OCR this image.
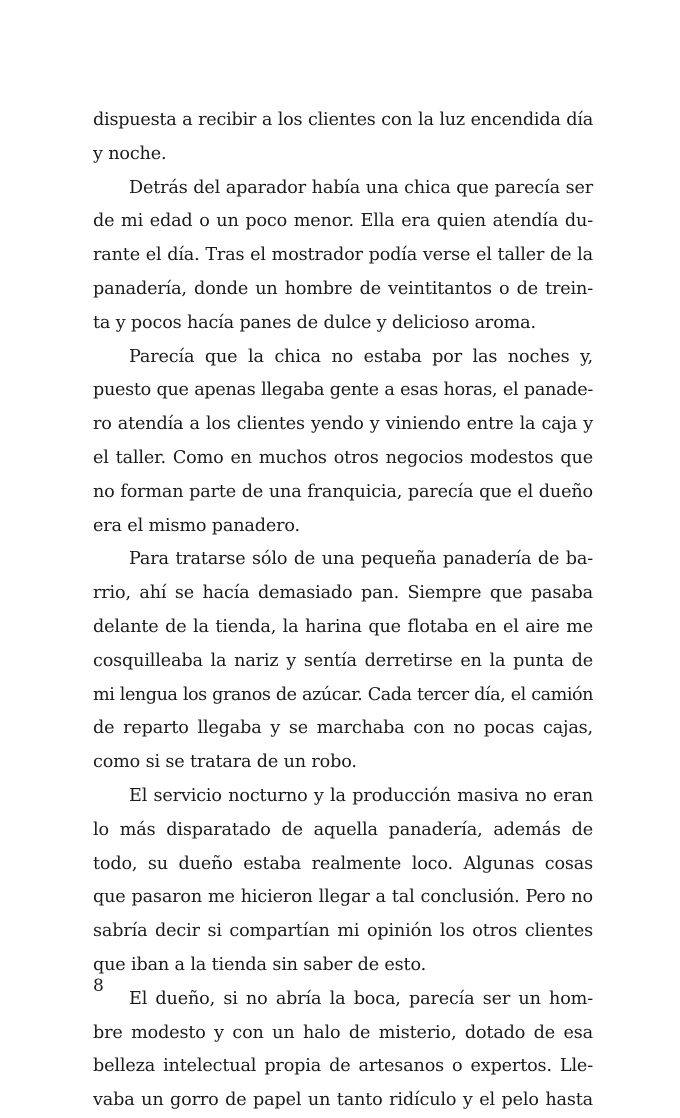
dispuesta a recibir a los clientes con la luz encendida día
y noche.
Detrás del aparador había una chica que parecía ser
de mi edad o un poco menor. Ella era quien atendía du-
rante el día. Tras el mostrador podía verse el taller de la
panadería, donde un hombre de veintitantos o de trein-
ta y pocos hacía panes de dulce y delicioso aroma.
Parecía que la chica no estaba por las noches y,
puesto que apenas llegaba gente a esas horas, el panade-
ro atendía a los clientes yendo y viniendo entre la caja y
el taller. Como en muchos otros negocios modestos que
no forman parte de una franquicia, parecía que el dueño
era el mismo panadero.
Para tratarse sólo de una pequeña panadería de ba-
rrio, ahí se hacía demasiado pan. Siempre que pasaba
delante de la tienda, la harina que flotaba en el aire me
cosquilleaba la nariz y sentía derretirse en la punta de
mi lengua los granos de azúcar. Cada tercer día, el camión
de reparto llegaba y se marchaba con no pocas cajas,
como si se tratara de un robo.
El servicio nocturno y la producción masiva no eran
lo más disparatado de aquella panadería, además de
todo, su dueño estaba realmente loco. Algunas cosas
que pasaron me hicieron llegar a tal conclusión. Pero no
sabría decir si compartían mi opinión los otros clientes
que iban a la tienda sin saber de esto.
El dueño, si no abría la boca, parecía ser un hom-
bre modesto y con un halo de misterio, dotado de esa
belleza intelectual propia de artesanos o expertos. Lle-
vaba un gorro de papel un tanto ridículo y el pelo hasta
8
